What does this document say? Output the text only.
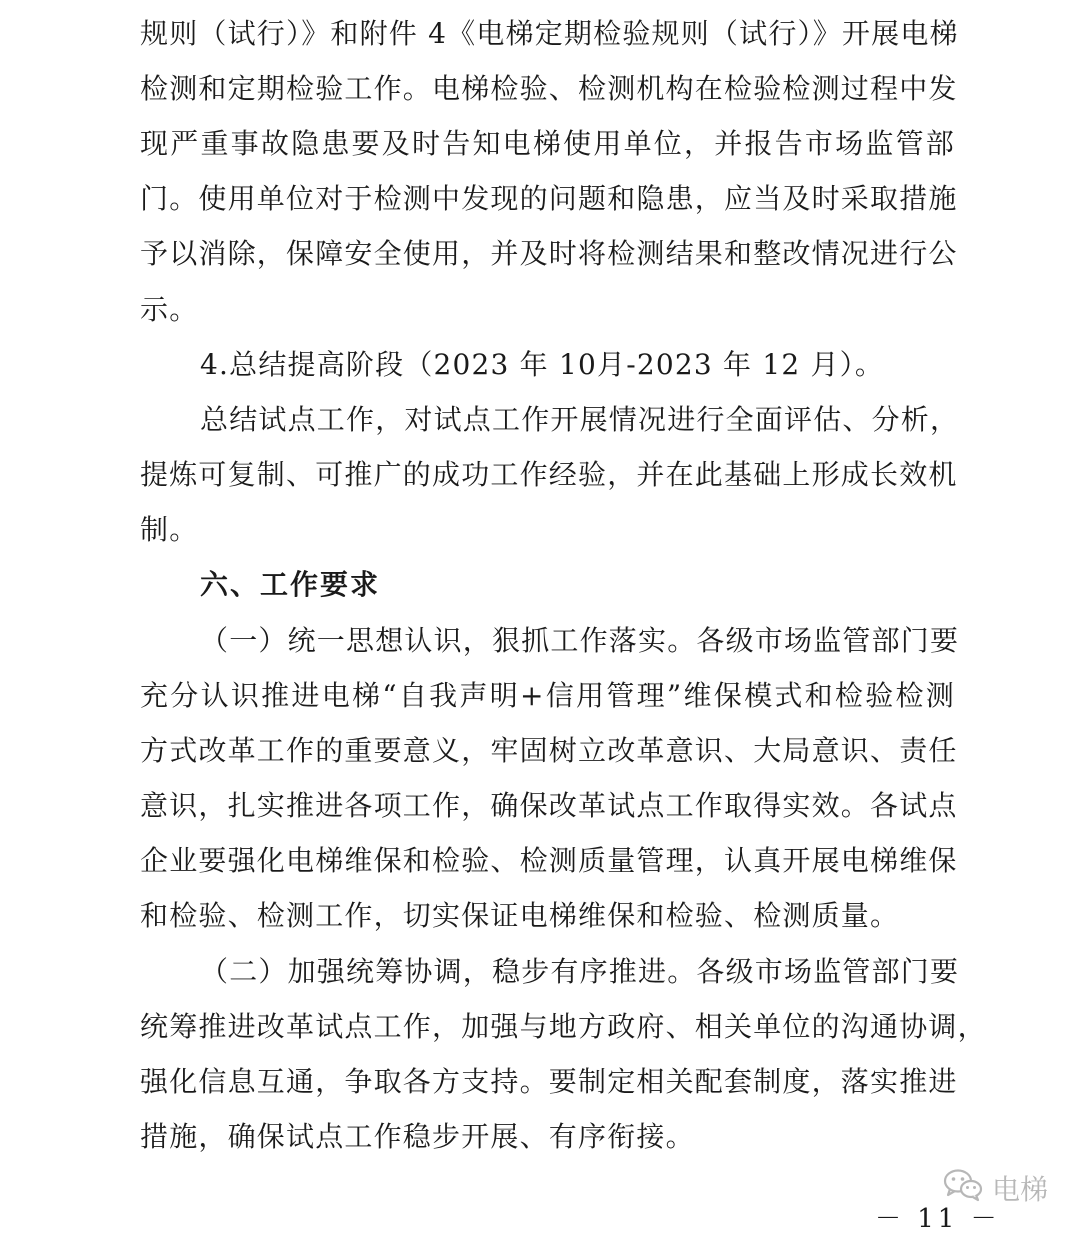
规则（试行）》和附件 4《电梯定期检验规则（试行）》开展电梯
检测和定期检验工作。电梯检验、检测机构在检验检测过程中发
现严重事故隐患要及时告知电梯使用单位，并报告市场监管部
门。使用单位对于检测中发现的问题和隐患，应当及时采取措施
予以消除，保障安全使用，并及时将检测结果和整改情况进行公
示。
4.总结提高阶段（2023 年 10月-2023 年 12 月）。
总结试点工作，对试点工作开展情况进行全面评估、分析，
提炼可复制、可推广的成功工作经验，并在此基础上形成长效机
制。
六、工作要求
（一）统一思想认识，狠抓工作落实。各级市场监管部门要
充分认识推进电梯“自我声明+信用管理”维保模式和检验检测
方式改革工作的重要意义，牢固树立改革意识、大局意识、责任
意识，扎实推进各项工作，确保改革试点工作取得实效。各试点
企业要强化电梯维保和检验、检测质量管理，认真开展电梯维保
和检验、检测工作，切实保证电梯维保和检验、检测质量。
（二）加强统筹协调，稳步有序推进。各级市场监管部门要
统筹推进改革试点工作，加强与地方政府、相关单位的沟通协调，
强化信息互通，争取各方支持。要制定相关配套制度，落实推进
措施，确保试点工作稳步开展、有序衔接。
电梯
－ 11 －
